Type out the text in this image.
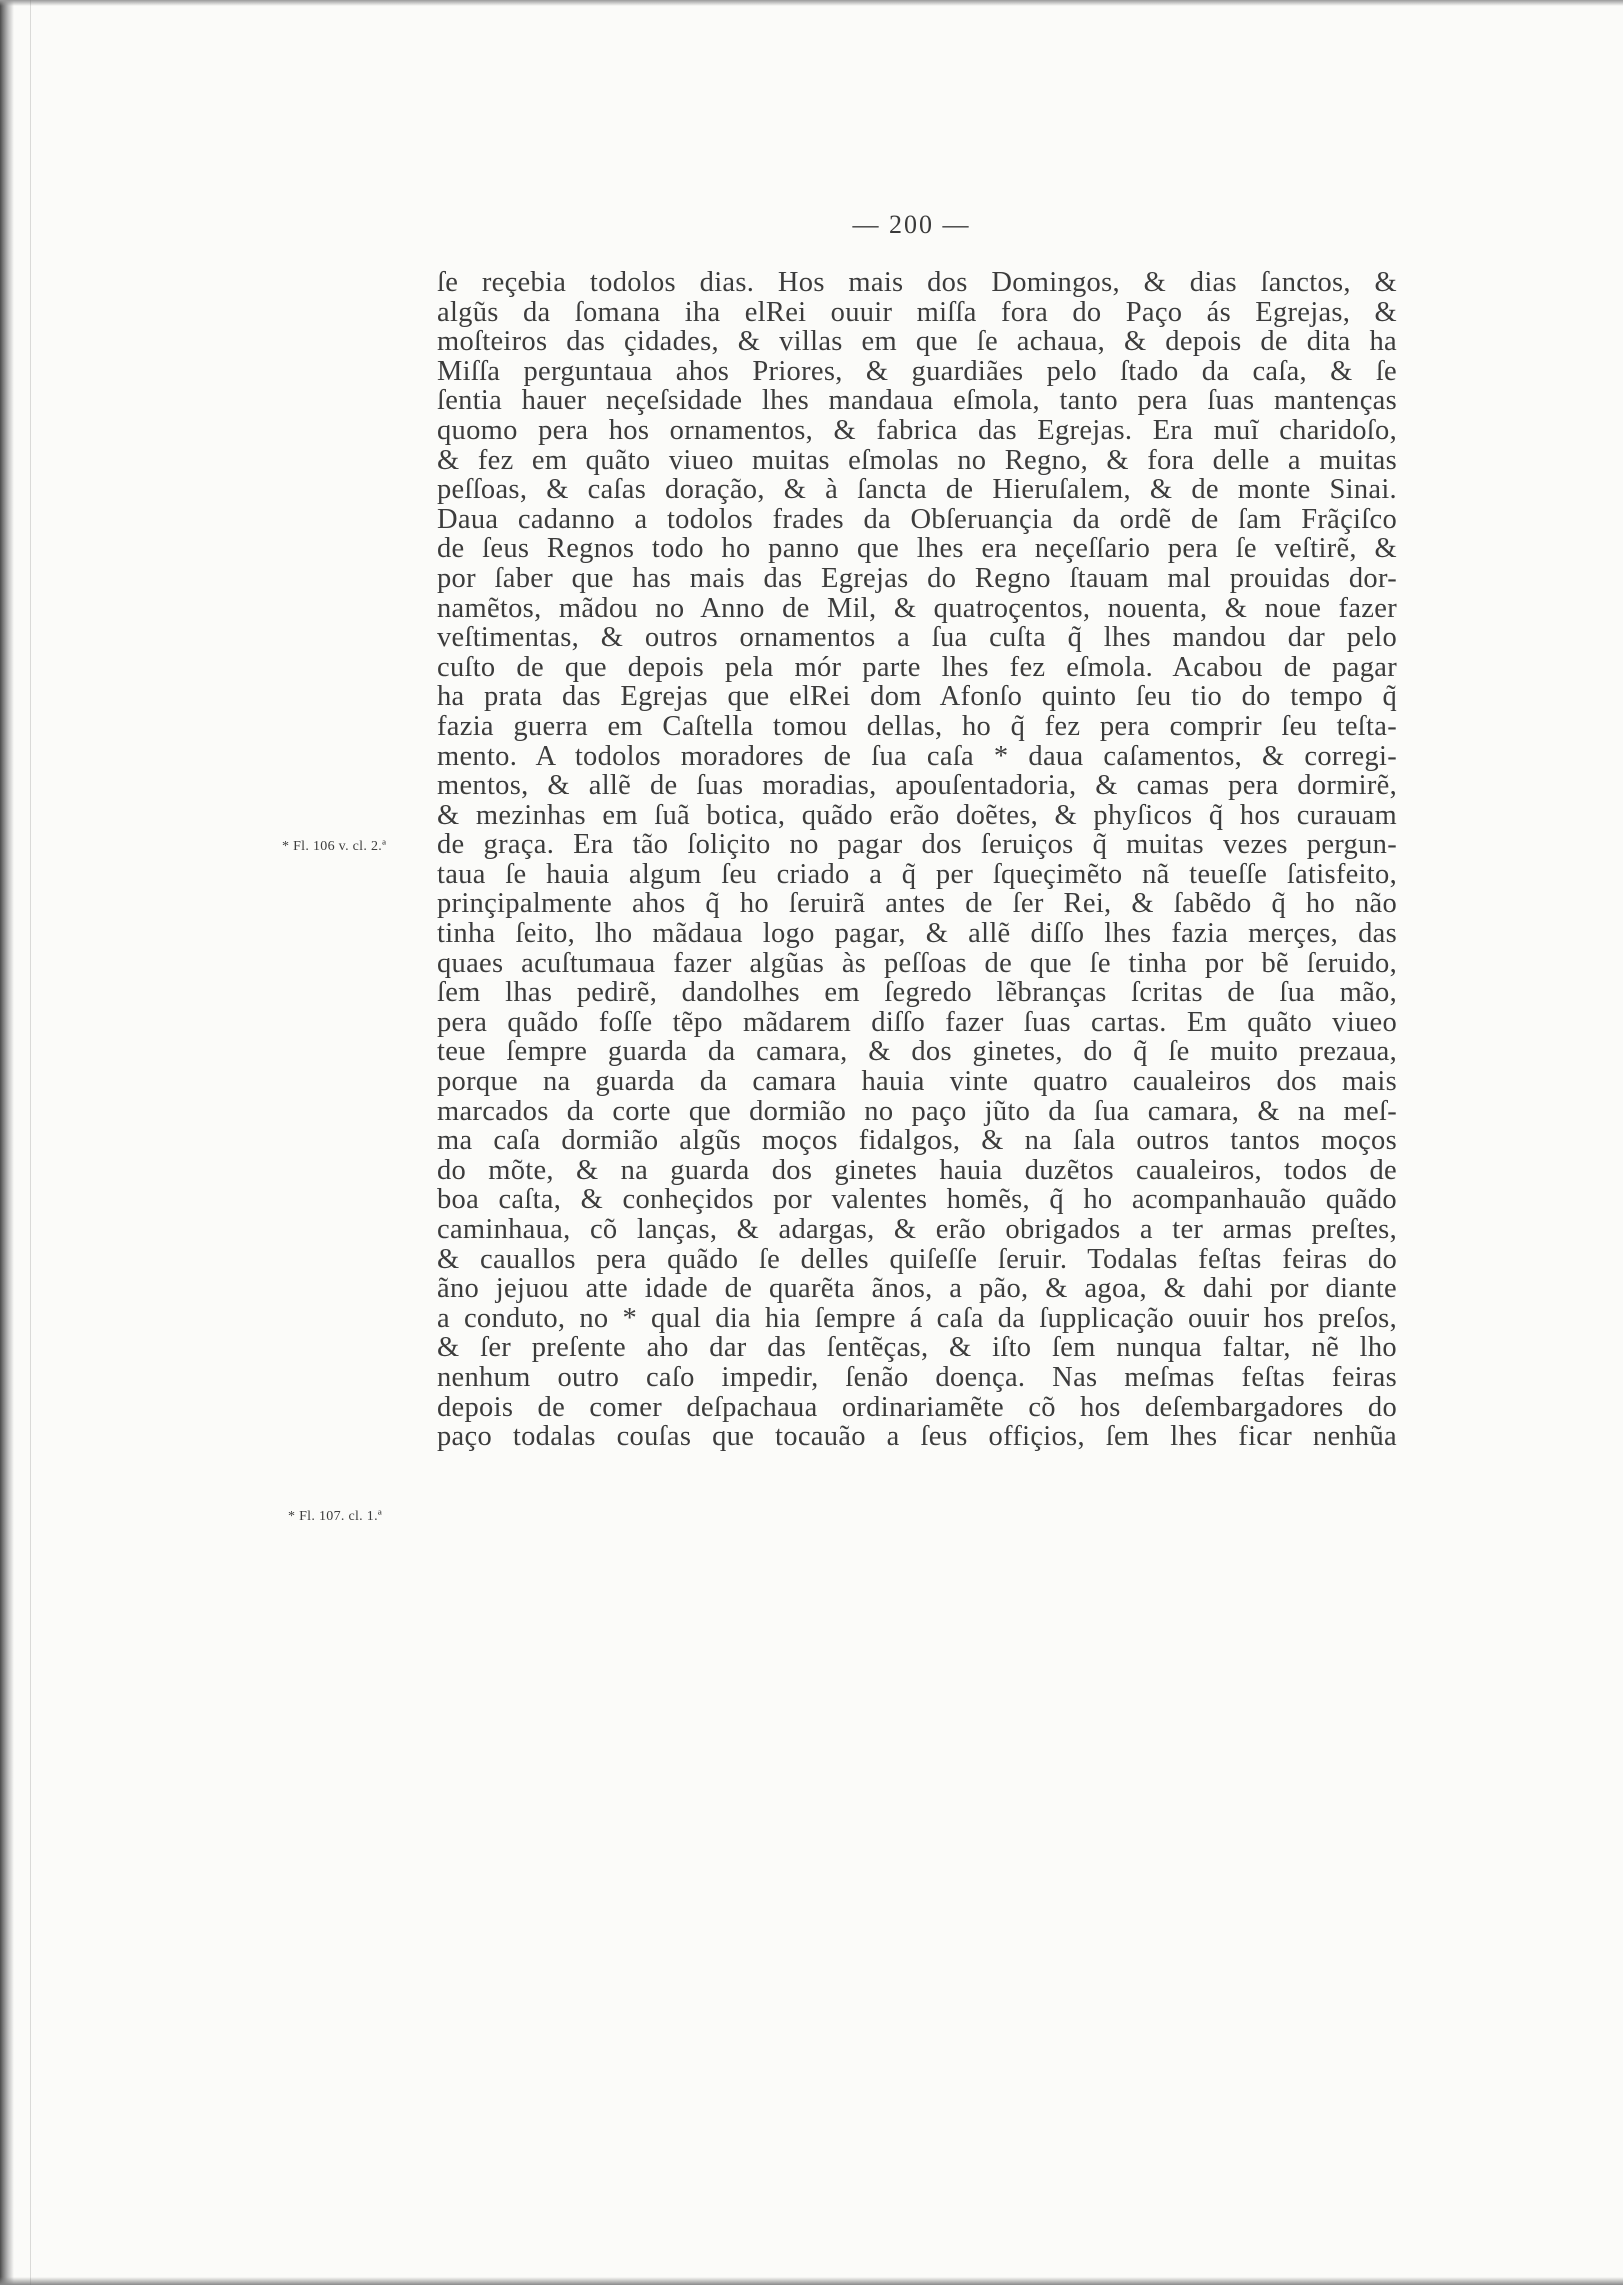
— 200 —
* Fl. 106 v. cl. 2.ª
* Fl. 107. cl. 1.ª
ſe reçebia todolos dias. Hos mais dos Domingos, & dias ſanctos, &
algũs da ſomana iha elRei ouuir miſſa fora do Paço ás Egrejas, &
moſteiros das çidades, & villas em que ſe achaua, & depois de dita ha
Miſſa perguntaua ahos Priores, & guardiães pelo ſtado da caſa, & ſe
ſentia hauer neçeſsidade lhes mandaua eſmola, tanto pera ſuas mantenças
quomo pera hos ornamentos, & fabrica das Egrejas. Era muĩ charidoſo,
& fez em quãto viueo muitas eſmolas no Regno, & fora delle a muitas
peſſoas, & caſas doração, & à ſancta de Hieruſalem, & de monte Sinai.
Daua cadanno a todolos frades da Obſeruançia da ordẽ de ſam Frãçiſco
de ſeus Regnos todo ho panno que lhes era neçeſſario pera ſe veſtirẽ, &
por ſaber que has mais das Egrejas do Regno ſtauam mal prouidas dor-
namẽtos, mãdou no Anno de Mil, & quatroçentos, nouenta, & noue fazer
veſtimentas, & outros ornamentos a ſua cuſta q̃ lhes mandou dar pelo
cuſto de que depois pela mór parte lhes fez eſmola. Acabou de pagar
ha prata das Egrejas que elRei dom Afonſo quinto ſeu tio do tempo q̃
fazia guerra em Caſtella tomou dellas, ho q̃ fez pera comprir ſeu teſta-
mento. A todolos moradores de ſua caſa * daua caſamentos, & corregi-
mentos, & allẽ de ſuas moradias, apouſentadoria, & camas pera dormirẽ,
& mezinhas em ſuã botica, quãdo erão doẽtes, & phyſicos q̃ hos curauam
de graça. Era tão ſoliçito no pagar dos ſeruiços q̃ muitas vezes pergun-
taua ſe hauia algum ſeu criado a q̃ per ſqueçimẽto nã teueſſe ſatisfeito,
prinçipalmente ahos q̃ ho ſeruirã antes de ſer Rei, & ſabẽdo q̃ ho não
tinha ſeito, lho mãdaua logo pagar, & allẽ diſſo lhes fazia merçes, das
quaes acuſtumaua fazer algũas às peſſoas de que ſe tinha por bẽ ſeruido,
ſem lhas pedirẽ, dandolhes em ſegredo lẽbranças ſcritas de ſua mão,
pera quãdo foſſe tẽpo mãdarem diſſo fazer ſuas cartas. Em quãto viueo
teue ſempre guarda da camara, & dos ginetes, do q̃ ſe muito prezaua,
porque na guarda da camara hauia vinte quatro caualeiros dos mais
marcados da corte que dormião no paço jũto da ſua camara, & na meſ-
ma caſa dormião algũs moços fidalgos, & na ſala outros tantos moços
do mõte, & na guarda dos ginetes hauia duzẽtos caualeiros, todos de
boa caſta, & conheçidos por valentes homẽs, q̃ ho acompanhauão quãdo
caminhaua, cõ lanças, & adargas, & erão obrigados a ter armas preſtes,
& cauallos pera quãdo ſe delles quiſeſſe ſeruir. Todalas feſtas feiras do
ãno jejuou atte idade de quarẽta ãnos, a pão, & agoa, & dahi por diante
a conduto, no * qual dia hia ſempre á caſa da ſupplicação ouuir hos preſos,
& ſer preſente aho dar das ſentẽças, & iſto ſem nunqua faltar, nẽ lho
nenhum outro caſo impedir, ſenão doença. Nas meſmas feſtas feiras
depois de comer deſpachaua ordinariamẽte cõ hos deſembargadores do
paço todalas couſas que tocauão a ſeus offiçios, ſem lhes ficar nenhũa
